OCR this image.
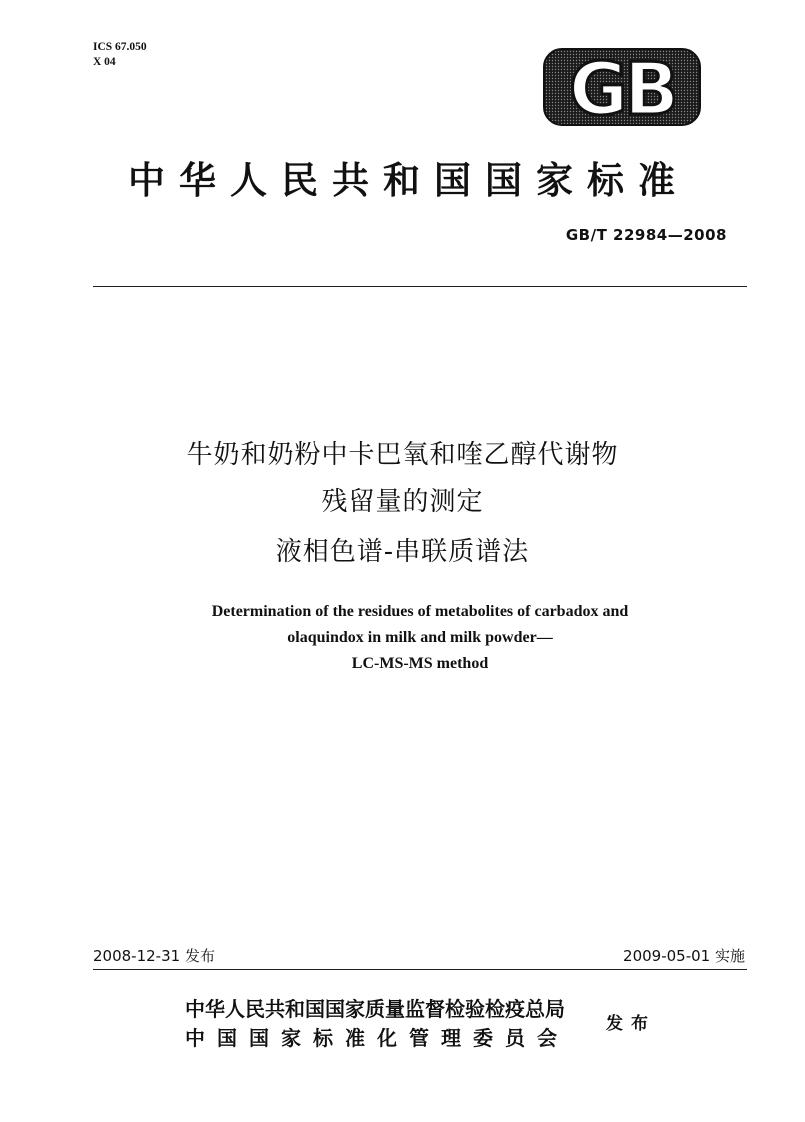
ICS 67.050
X 04	GB
中华人民共和国国家标准
GB/T 22984—2008
牛奶和奶粉中卡巴氧和喹乙醇代谢物
残留量的测定
液相色谱-串联质谱法
Determination of the residues of metabolites of carbadox and
olaquindox in milk and milk powder—
LC-MS-MS method
2008-12-31 发布	2009-05-01 实施
中华人民共和国国家质量监督检验检疫总局
中国国家标准化管理委员会
发布
